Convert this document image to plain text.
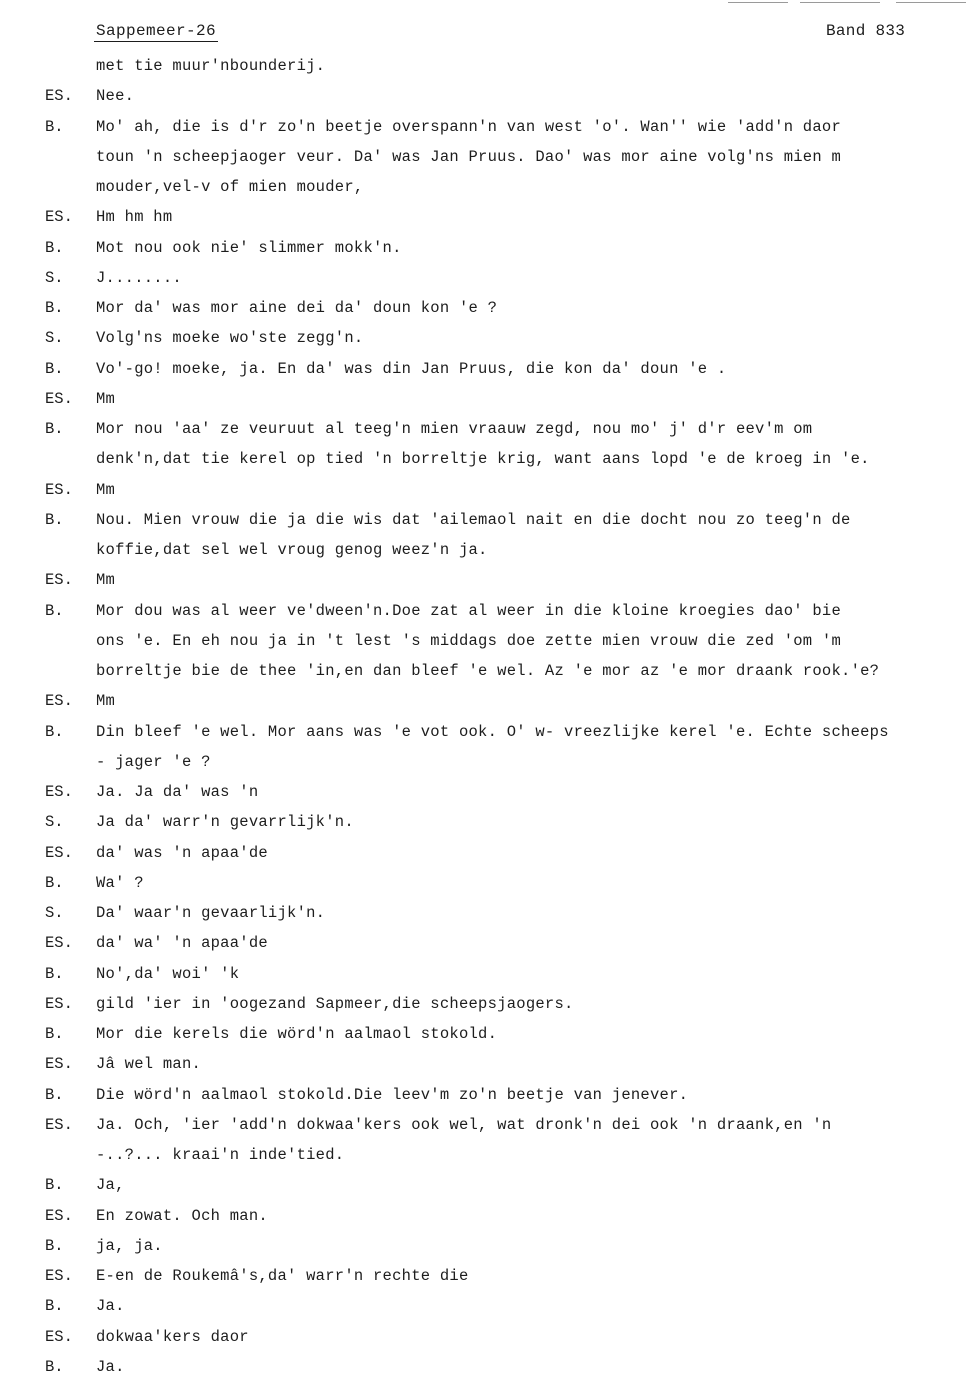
Sappemeer-26	Band 833
met tie muur'nbounderij.
ES. Nee.
B. Mo' ah, die is d'r zo'n beetje overspann'n van west 'o'. Wan'' wie 'add'n daor
toun 'n scheepjaoger veur. Da' was Jan Pruus. Dao' was mor aine volg'ns mien m
mouder,vel-v of mien mouder,
ES. Hm hm hm
B. Mot nou ook nie' slimmer mokk'n.
S. J........
B. Mor da' was mor aine dei da' doun kon 'e ?
S. Volg'ns moeke wo'ste zegg'n.
B. Vo'-go! moeke, ja. En da' was din Jan Pruus, die kon da' doun 'e .
ES. Mm
B. Mor nou 'aa' ze veuruut al teeg'n mien vraauw zegd, nou mo' j' d'r eev'm om
denk'n,dat tie kerel op tied 'n borreltje krig, want aans lopd 'e de kroeg in 'e.
ES. Mm
B. Nou. Mien vrouw die ja die wis dat 'ailemaol nait en die docht nou zo teeg'n de
koffie,dat sel wel vroug genog weez'n ja.
ES. Mm
B. Mor dou was al weer ve'dween'n.Doe zat al weer in die kloine kroegies dao' bie
ons 'e. En eh nou ja in 't lest 's middags doe zette mien vrouw die zed 'om 'm
borreltje bie de thee 'in,en dan bleef 'e wel. Az 'e mor az 'e mor draank rook.'e?
ES. Mm
B. Din bleef 'e wel. Mor aans was 'e vot ook. O' w- vreezlijke kerel 'e. Echte scheeps
- jager 'e ?
ES. Ja. Ja da' was 'n
S. Ja da' warr'n gevarrlijk'n.
ES. da' was 'n apaa'de
B. Wa' ?
S. Da' waar'n gevaarlijk'n.
ES. da' wa' 'n apaa'de
B. No',da' woi' 'k
ES. gild 'ier in 'oogezand Sapmeer,die scheepsjaogers.
B. Mor die kerels die wörd'n aalmaol stokold.
ES. Jâ wel man.
B. Die wörd'n aalmaol stokold.Die leev'm zo'n beetje van jenever.
ES. Ja. Och, 'ier 'add'n dokwaa'kers ook wel, wat dronk'n dei ook 'n draank,en 'n
-..?... kraai'n inde'tied.
B. Ja,
ES. En zowat. Och man.
B. ja, ja.
ES. E-en de Roukemâ's,da' warr'n rechte die
B. Ja.
ES. dokwaa'kers daor
B. Ja.
